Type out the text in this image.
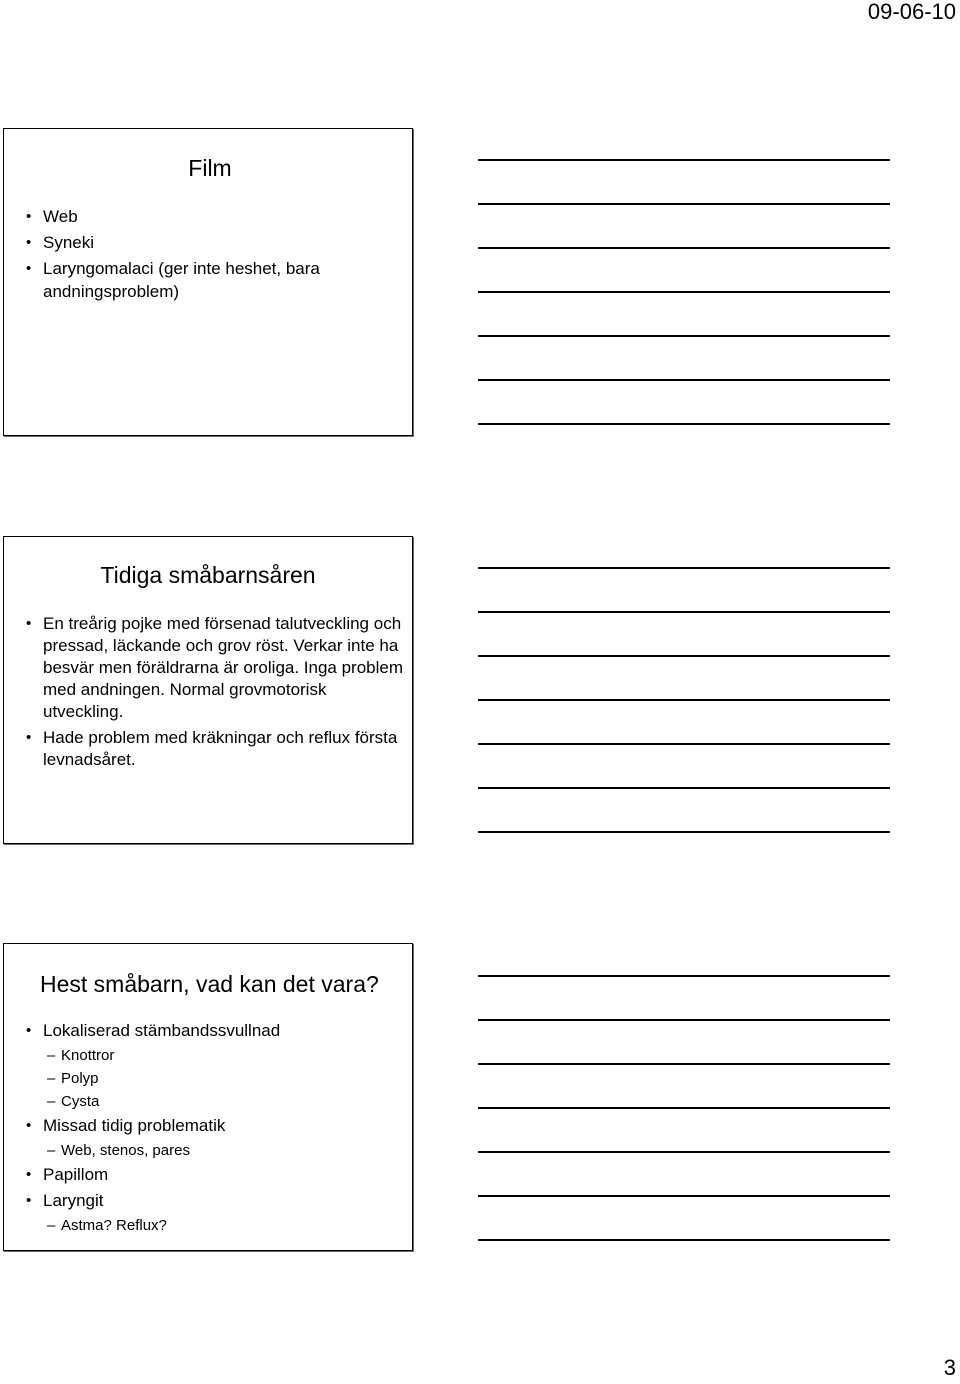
09-06-10
Film
• Web
• Syneki
• Laryngomalaci (ger inte heshet, bara andningsproblem)
Tidiga småbarnsåren
• En treårig pojke med försenad talutveckling och pressad, läckande och grov röst. Verkar inte ha besvär men föräldrarna är oroliga. Inga problem med andningen. Normal grovmotorisk utveckling.
• Hade problem med kräkningar och reflux första levnadsåret.
Hest småbarn, vad kan det vara?
• Lokaliserad stämbandssvullnad
– Knottror
– Polyp
– Cysta
• Missad tidig problematik
– Web, stenos, pares
• Papillom
• Laryngit
– Astma? Reflux?
3
